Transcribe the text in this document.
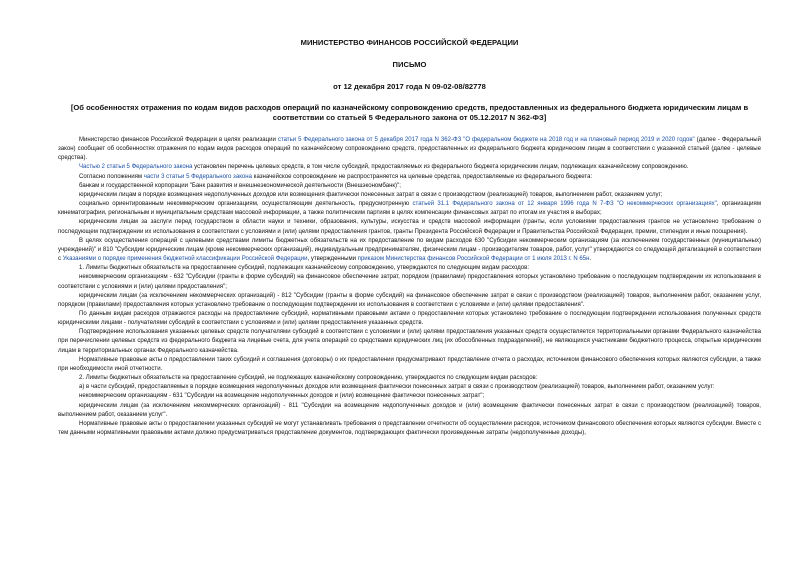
МИНИСТЕРСТВО ФИНАНСОВ РОССИЙСКОЙ ФЕДЕРАЦИИ
ПИСЬМО
от 12 декабря 2017 года N 09-02-08/82778
[Об особенностях отражения по кодам видов расходов операций по казначейскому сопровождению средств, предоставленных из федерального бюджета юридическим лицам в соответствии со статьей 5 Федерального закона от 05.12.2017 N 362-ФЗ]

Министерство финансов Российской Федерации в целях реализации статьи 5 Федерального закона от 5 декабря 2017 года N 362-ФЗ "О федеральном бюджете на 2018 год и на плановый период 2019 и 2020 годов" (далее - Федеральный закон) сообщает об особенностях отражения по кодам видов расходов операций по казначейскому сопровождению средств, предоставленных из федерального бюджета юридическим лицам в соответствии с указанной статьей (далее - целевые средства).

Частью 2 статьи 5 Федерального закона установлен перечень целевых средств, в том числе субсидий, предоставляемых из федерального бюджета юридическим лицам, подлежащих казначейскому сопровождению.

Согласно положениям части 3 статьи 5 Федерального закона казначейское сопровождение не распространяется на целевые средства, предоставляемые из федерального бюджета:

банкам и государственной корпорации "Банк развития и внешнеэкономической деятельности (Внешэкономбанк)";

юридическим лицам в порядке возмещения недополученных доходов или возмещения фактически понесенных затрат в связи с производством (реализацией) товаров, выполнением работ, оказанием услуг;

социально ориентированным некоммерческим организациям, осуществляющим деятельность, предусмотренную статьей 31.1 Федерального закона от 12 января 1996 года N 7-ФЗ "О некоммерческих организациях", организациям кинематографии, региональным и муниципальным средствам массовой информации, а также политическим партиям в целях компенсации финансовых затрат по итогам их участия в выборах;

юридическим лицам за заслуги перед государством в области науки и техники, образования, культуры, искусства и средств массовой информации (гранты, если условиями предоставления грантов не установлено требование о последующем подтверждении их использования в соответствии с условиями и (или) целями предоставления грантов, гранты Президента Российской Федерации и Правительства Российской Федерации, премии, стипендии и иные поощрения).

В целях осуществления операций с целевыми средствами лимиты бюджетных обязательств на их предоставление по видам расходов 630 "Субсидии некоммерческим организациям (за исключением государственных (муниципальных) учреждений)" и 810 "Субсидии юридическим лицам (кроме некоммерческих организаций), индивидуальным предпринимателям, физическим лицам - производителям товаров, работ, услуг" утверждаются со следующей детализацией в соответствии с Указаниями о порядке применения бюджетной классификации Российской Федерации, утвержденными приказом Министерства финансов Российской Федерации от 1 июля 2013 г. N 65н.

1. Лимиты бюджетных обязательств на предоставление субсидий, подлежащих казначейскому сопровождению, утверждаются по следующим видам расходов:

некоммерческим организациям - 632 "Субсидии (гранты в форме субсидий) на финансовое обеспечение затрат, порядком (правилами) предоставления которых установлено требование о последующем подтверждении их использования в соответствии с условиями и (или) целями предоставления";

юридическим лицам (за исключением некоммерческих организаций) - 812 "Субсидии (гранты в форме субсидий) на финансовое обеспечение затрат в связи с производством (реализацией) товаров, выполнением работ, оказанием услуг, порядком (правилами) предоставления которых установлено требование о последующем подтверждении их использования в соответствии с условиями и (или) целями предоставления".

По данным видам расходов отражаются расходы на предоставление субсидий, нормативными правовыми актами о предоставлении которых установлено требование о последующем подтверждении использования полученных средств юридическими лицами - получателями субсидий в соответствии с условиями и (или) целями предоставления указанных средств.

Подтверждение использования указанных целевых средств получателями субсидий в соответствии с условиями и (или) целями предоставления указанных средств осуществляется территориальными органами Федерального казначейства при перечислении целевых средств из федерального бюджета на лицевые счета, для учета операций со средствами юридических лиц (их обособленных подразделений), не являющихся участниками бюджетного процесса, открытые юридическим лицам в территориальных органах Федерального казначейства.

Нормативные правовые акты о предоставлении таких субсидий и соглашения (договоры) о их предоставлении предусматривают представление отчета о расходах, источником финансового обеспечения которых являются субсидии, а также при необходимости иной отчетности.

2. Лимиты бюджетных обязательств на предоставление субсидий, не подлежащих казначейскому сопровождению, утверждаются по следующим видам расходов:

а) в части субсидий, предоставляемых в порядке возмещения недополученных доходов или возмещения фактически понесенных затрат в связи с производством (реализацией) товаров, выполнением работ, оказанием услуг:

некоммерческим организациям - 631 "Субсидии на возмещение недополученных доходов и (или) возмещение фактически понесенных затрат";

юридическим лицам (за исключением некоммерческих организаций) - 811 "Субсидии на возмещение недополученных доходов и (или) возмещение фактически понесенных затрат в связи с производством (реализацией) товаров, выполнением работ, оказанием услуг".

Нормативные правовые акты о предоставлении указанных субсидий не могут устанавливать требования о представлении отчетности об осуществлении расходов, источником финансового обеспечения которых являются субсидии. Вместе с тем данными нормативными правовыми актами должно предусматриваться представление документов, подтверждающих фактически произведенные затраты (недополученные доходы),
